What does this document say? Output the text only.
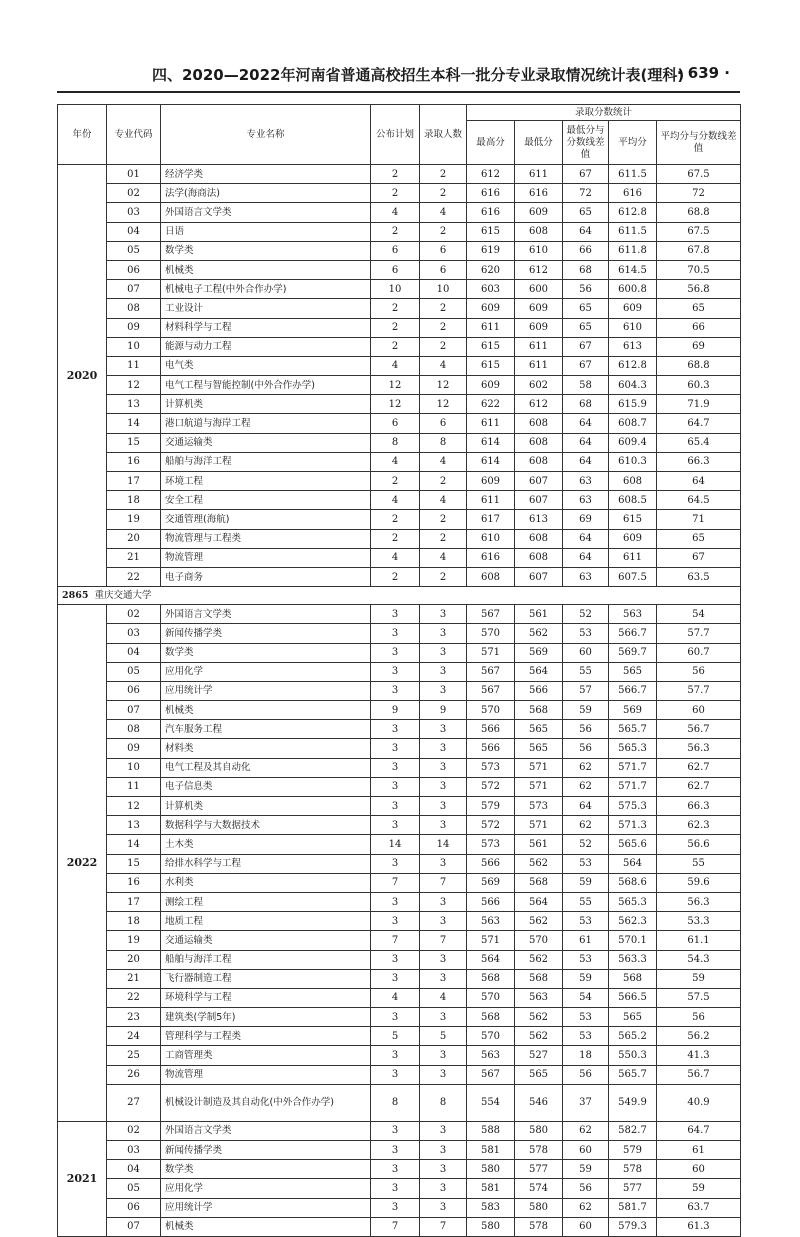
四、2020—2022年河南省普通高校招生本科一批分专业录取情况统计表(理科)
· 639 ·
年份	专业代码	专业名称	公布计划	录取人数	录取分数统计				
					最高分	最低分	最低分与分数线差值	平均分	平均分与分数线差值
2020	01	经济学类	2	2	612	611	67	611.5	67.5
	02	法学(海商法)	2	2	616	616	72	616	72
	03	外国语言文学类	4	4	616	609	65	612.8	68.8
	04	日语	2	2	615	608	64	611.5	67.5
	05	数学类	6	6	619	610	66	611.8	67.8
	06	机械类	6	6	620	612	68	614.5	70.5
	07	机械电子工程(中外合作办学)	10	10	603	600	56	600.8	56.8
	08	工业设计	2	2	609	609	65	609	65
	09	材料科学与工程	2	2	611	609	65	610	66
	10	能源与动力工程	2	2	615	611	67	613	69
	11	电气类	4	4	615	611	67	612.8	68.8
	12	电气工程与智能控制(中外合作办学)	12	12	609	602	58	604.3	60.3
	13	计算机类	12	12	622	612	68	615.9	71.9
	14	港口航道与海岸工程	6	6	611	608	64	608.7	64.7
	15	交通运输类	8	8	614	608	64	609.4	65.4
	16	船舶与海洋工程	4	4	614	608	64	610.3	66.3
	17	环境工程	2	2	609	607	63	608	64
	18	安全工程	4	4	611	607	63	608.5	64.5
	19	交通管理(海航)	2	2	617	613	69	615	71
	20	物流管理与工程类	2	2	610	608	64	609	65
	21	物流管理	4	4	616	608	64	611	67
	22	电子商务	2	2	608	607	63	607.5	63.5
2865 重庆交通大学									
2022	02	外国语言文学类	3	3	567	561	52	563	54
	03	新闻传播学类	3	3	570	562	53	566.7	57.7
	04	数学类	3	3	571	569	60	569.7	60.7
	05	应用化学	3	3	567	564	55	565	56
	06	应用统计学	3	3	567	566	57	566.7	57.7
	07	机械类	9	9	570	568	59	569	60
	08	汽车服务工程	3	3	566	565	56	565.7	56.7
	09	材料类	3	3	566	565	56	565.3	56.3
	10	电气工程及其自动化	3	3	573	571	62	571.7	62.7
	11	电子信息类	3	3	572	571	62	571.7	62.7
	12	计算机类	3	3	579	573	64	575.3	66.3
	13	数据科学与大数据技术	3	3	572	571	62	571.3	62.3
	14	土木类	14	14	573	561	52	565.6	56.6
	15	给排水科学与工程	3	3	566	562	53	564	55
	16	水利类	7	7	569	568	59	568.6	59.6
	17	测绘工程	3	3	566	564	55	565.3	56.3
	18	地质工程	3	3	563	562	53	562.3	53.3
	19	交通运输类	7	7	571	570	61	570.1	61.1
	20	船舶与海洋工程	3	3	564	562	53	563.3	54.3
	21	飞行器制造工程	3	3	568	568	59	568	59
	22	环境科学与工程	4	4	570	563	54	566.5	57.5
	23	建筑类(学制5年)	3	3	568	562	53	565	56
	24	管理科学与工程类	5	5	570	562	53	565.2	56.2
	25	工商管理类	3	3	563	527	18	550.3	41.3
	26	物流管理	3	3	567	565	56	565.7	56.7
	27	机械设计制造及其自动化(中外合作办学)	8	8	554	546	37	549.9	40.9
2021	02	外国语言文学类	3	3	588	580	62	582.7	64.7
	03	新闻传播学类	3	3	581	578	60	579	61
	04	数学类	3	3	580	577	59	578	60
	05	应用化学	3	3	581	574	56	577	59
	06	应用统计学	3	3	583	580	62	581.7	63.7
	07	机械类	7	7	580	578	60	579.3	61.3
